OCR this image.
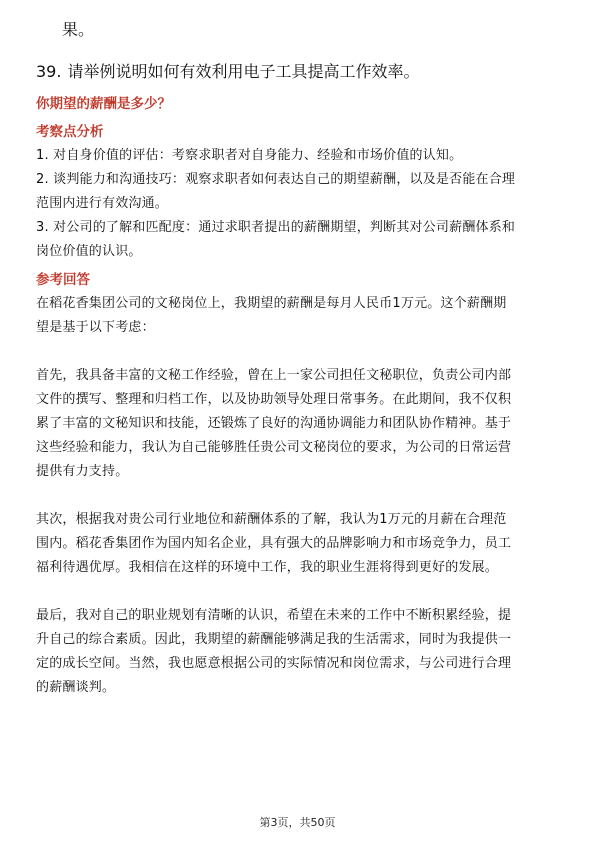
果。
39. 请举例说明如何有效利用电子工具提高工作效率。

你期望的薪酬是多少？

考察点分析

1. 对自身价值的评估：考察求职者对自身能力、经验和市场价值的认知。

2. 谈判能力和沟通技巧：观察求职者如何表达自己的期望薪酬，以及是否能在合理

范围内进行有效沟通。

3. 对公司的了解和匹配度：通过求职者提出的薪酬期望，判断其对公司薪酬体系和

岗位价值的认识。

参考回答

在稻花香集团公司的文秘岗位上，我期望的薪酬是每月人民币1万元。这个薪酬期

望是基于以下考虑：

首先，我具备丰富的文秘工作经验，曾在上一家公司担任文秘职位，负责公司内部

文件的撰写、整理和归档工作，以及协助领导处理日常事务。在此期间，我不仅积

累了丰富的文秘知识和技能，还锻炼了良好的沟通协调能力和团队协作精神。基于

这些经验和能力，我认为自己能够胜任贵公司文秘岗位的要求，为公司的日常运营

提供有力支持。

其次，根据我对贵公司行业地位和薪酬体系的了解，我认为1万元的月薪在合理范

围内。稻花香集团作为国内知名企业，具有强大的品牌影响力和市场竞争力，员工

福利待遇优厚。我相信在这样的环境中工作，我的职业生涯将得到更好的发展。

最后，我对自己的职业规划有清晰的认识，希望在未来的工作中不断积累经验，提

升自己的综合素质。因此，我期望的薪酬能够满足我的生活需求，同时为我提供一

定的成长空间。当然，我也愿意根据公司的实际情况和岗位需求，与公司进行合理

的薪酬谈判。

第3页，共50页
